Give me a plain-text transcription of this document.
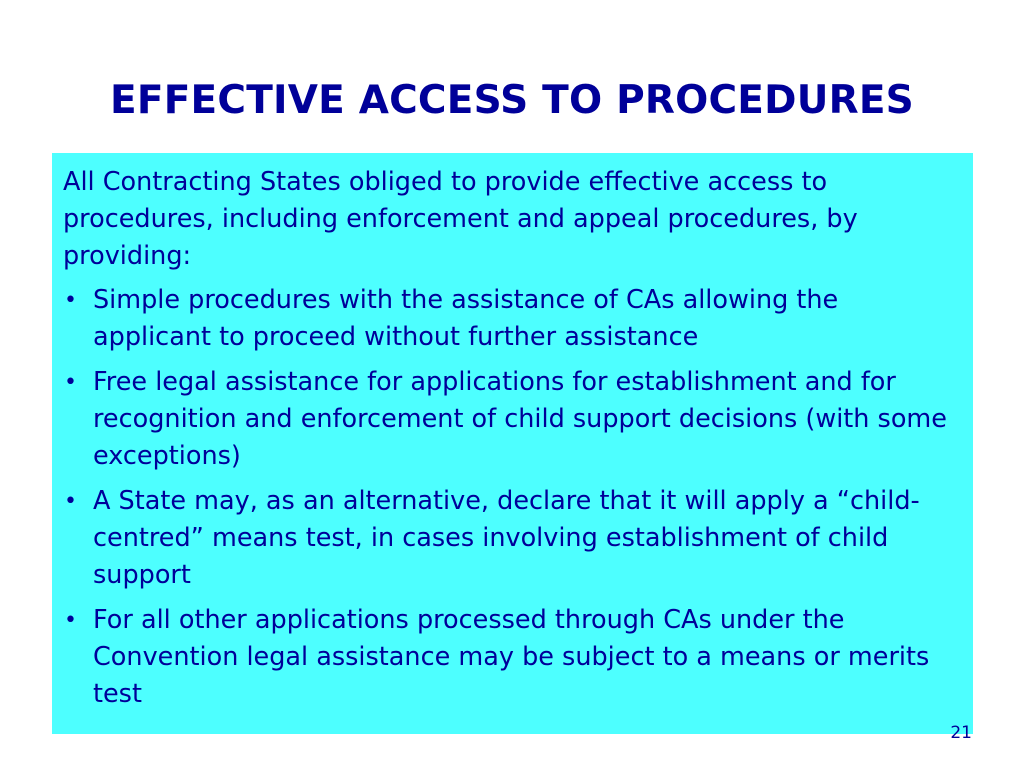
EFFECTIVE ACCESS TO PROCEDURES

All Contracting States obliged to provide effective access to procedures, including enforcement and appeal procedures, by providing:

• Simple procedures with the assistance of CAs allowing the applicant to proceed without further assistance
• Free legal assistance for applications for establishment and for recognition and enforcement of child support decisions (with some exceptions)
• A State may, as an alternative, declare that it will apply a “child-centred” means test, in cases involving establishment of child support
• For all other applications processed through CAs under the Convention legal assistance may be subject to a means or merits test
21
